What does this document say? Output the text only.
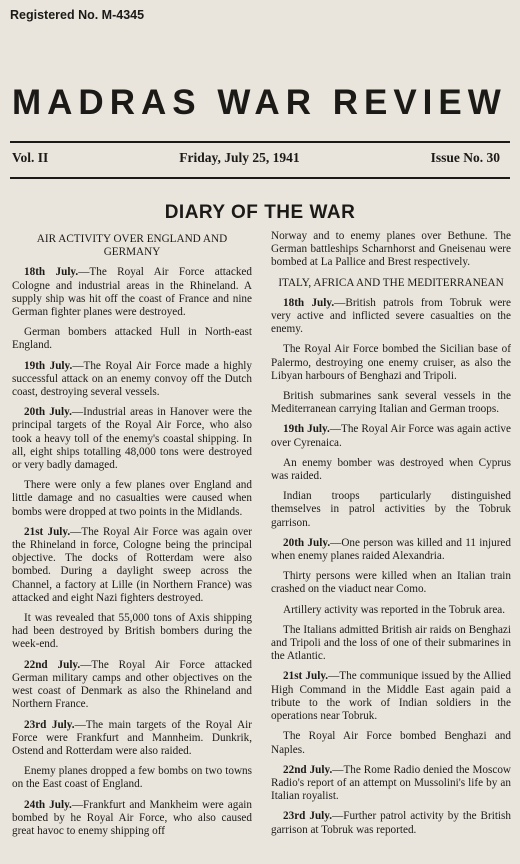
Registered No. M-4345
MADRAS WAR REVIEW
Vol. II	Friday, July 25, 1941	Issue No. 30
DIARY OF THE WAR
AIR ACTIVITY OVER ENGLAND AND GERMANY

18th July.—The Royal Air Force attacked Cologne and industrial areas in the Rhineland. A supply ship was hit off the coast of France and nine German fighter planes were destroyed.

German bombers attacked Hull in North-east England.

19th July.—The Royal Air Force made a highly successful attack on an enemy convoy off the Dutch coast, destroying several vessels.

20th July.—Industrial areas in Hanover were the principal targets of the Royal Air Force, who also took a heavy toll of the enemy's coastal shipping. In all, eight ships totalling 48,000 tons were destroyed or very badly damaged.

There were only a few planes over England and little damage and no casualties were caused when bombs were dropped at two points in the Midlands.

21st July.—The Royal Air Force was again over the Rhineland in force, Cologne being the principal objective. The docks of Rotterdam were also bombed. During a daylight sweep across the Channel, a factory at Lille (in Northern France) was attacked and eight Nazi fighters destroyed.

It was revealed that 55,000 tons of Axis shipping had been destroyed by British bombers during the week-end.

22nd July.—The Royal Air Force attacked German military camps and other objectives on the west coast of Denmark as also the Rhineland and Northern France.

23rd July.—The main targets of the Royal Air Force were Frankfurt and Mannheim. Dunkrik, Ostend and Rotterdam were also raided.

Enemy planes dropped a few bombs on two towns on the East coast of England.

24th July.—Frankfurt and Mankheim were again bombed by he Royal Air Force, who also caused great havoc to enemy shipping off

Norway and to enemy planes over Bethune. The German battleships Scharnhorst and Gneisenau were bombed at La Pallice and Brest respectively.

ITALY, AFRICA AND THE MEDITERRANEAN

18th July.—British patrols from Tobruk were very active and inflicted severe casualties on the enemy.

The Royal Air Force bombed the Sicilian base of Palermo, destroying one enemy cruiser, as also the Libyan harbours of Benghazi and Tripoli.

British submarines sank several vessels in the Mediterranean carrying Italian and German troops.

19th July.—The Royal Air Force was again active over Cyrenaica.

An enemy bomber was destroyed when Cyprus was raided.

Indian troops particularly distinguished themselves in patrol activities by the Tobruk garrison.

20th July.—One person was killed and 11 injured when enemy planes raided Alexandria.

Thirty persons were killed when an Italian train crashed on the viaduct near Como.

Artillery activity was reported in the Tobruk area.

The Italians admitted British air raids on Benghazi and Tripoli and the loss of one of their submarines in the Atlantic.

21st July.—The communique issued by the Allied High Command in the Middle East again paid a tribute to the work of Indian soldiers in the operations near Tobruk.

The Royal Air Force bombed Benghazi and Naples.

22nd July.—The Rome Radio denied the Moscow Radio's report of an attempt on Mussolini's life by an Italian royalist.

23rd July.—Further patrol activity by the British garrison at Tobruk was reported.
